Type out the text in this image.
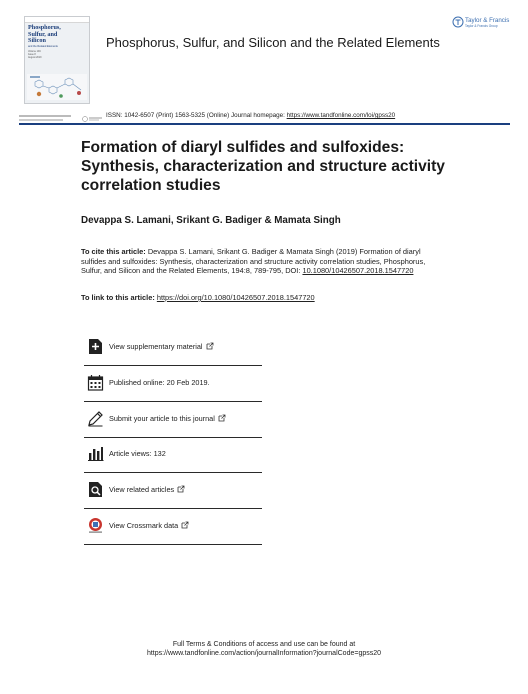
Phosphorus,
Sulfur, and
Silicon
and the Related Elements
Volume 194
Issue 8
August 2019
Phosphorus, Sulfur, and Silicon and the Related Elements
Taylor & Francis
Taylor & Francis Group
ISSN: 1042-6507 (Print) 1563-5325 (Online) Journal homepage: https://www.tandfonline.com/loi/gpss20
Formation of diaryl sulfides and sulfoxides: Synthesis, characterization and structure activity correlation studies
Devappa S. Lamani, Srikant G. Badiger & Mamata Singh
To cite this article: Devappa S. Lamani, Srikant G. Badiger & Mamata Singh (2019) Formation of diaryl sulfides and sulfoxides: Synthesis, characterization and structure activity correlation studies, Phosphorus, Sulfur, and Silicon and the Related Elements, 194:8, 789-795, DOI: 10.1080/10426507.2018.1547720
To link to this article: https://doi.org/10.1080/10426507.2018.1547720
View supplementary material
Published online: 20 Feb 2019.
Submit your article to this journal
Article views: 132
View related articles
View Crossmark data
Full Terms & Conditions of access and use can be found at
https://www.tandfonline.com/action/journalInformation?journalCode=gpss20
